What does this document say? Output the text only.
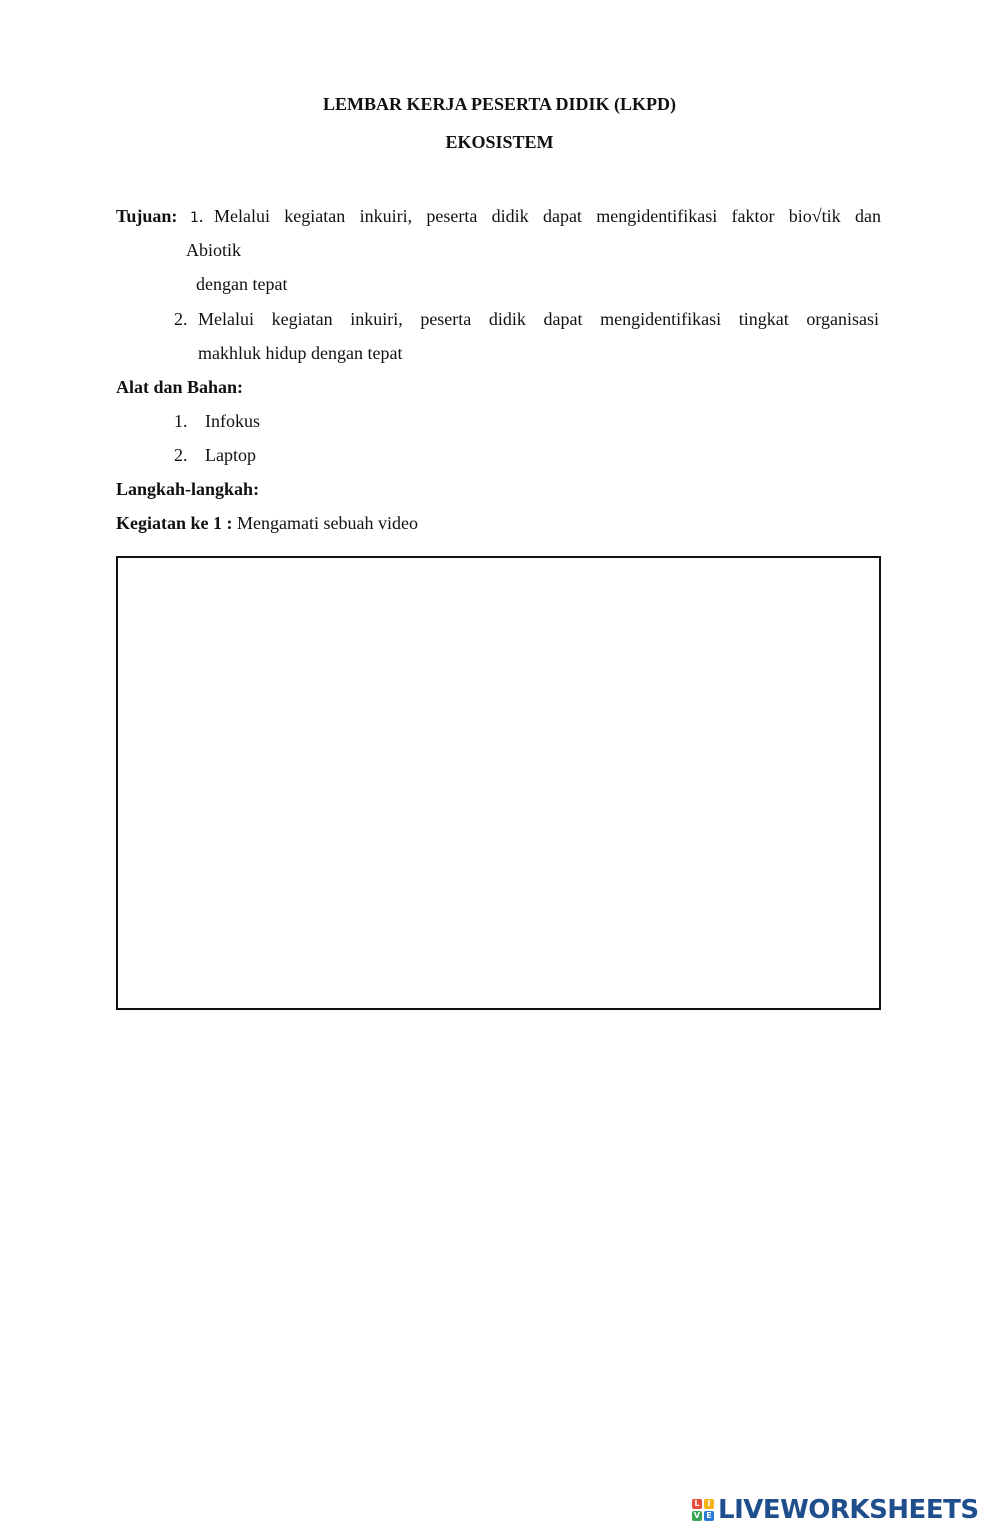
LEMBAR KERJA PESERTA DIDIK (LKPD)
EKOSISTEM
Tujuan: 1. Melalui kegiatan inkuiri, peserta didik dapat mengidentifikasi faktor bio√tik dan
Abiotik
dengan tepat
2. Melalui kegiatan inkuiri, peserta didik dapat mengidentifikasi tingkat organisasi
makhluk hidup dengan tepat
Alat dan Bahan:
1. Infokus
2. Laptop
Langkah-langkah:
Kegiatan ke 1 : Mengamati sebuah video
L I
V E LIVEWORKSHEETS
